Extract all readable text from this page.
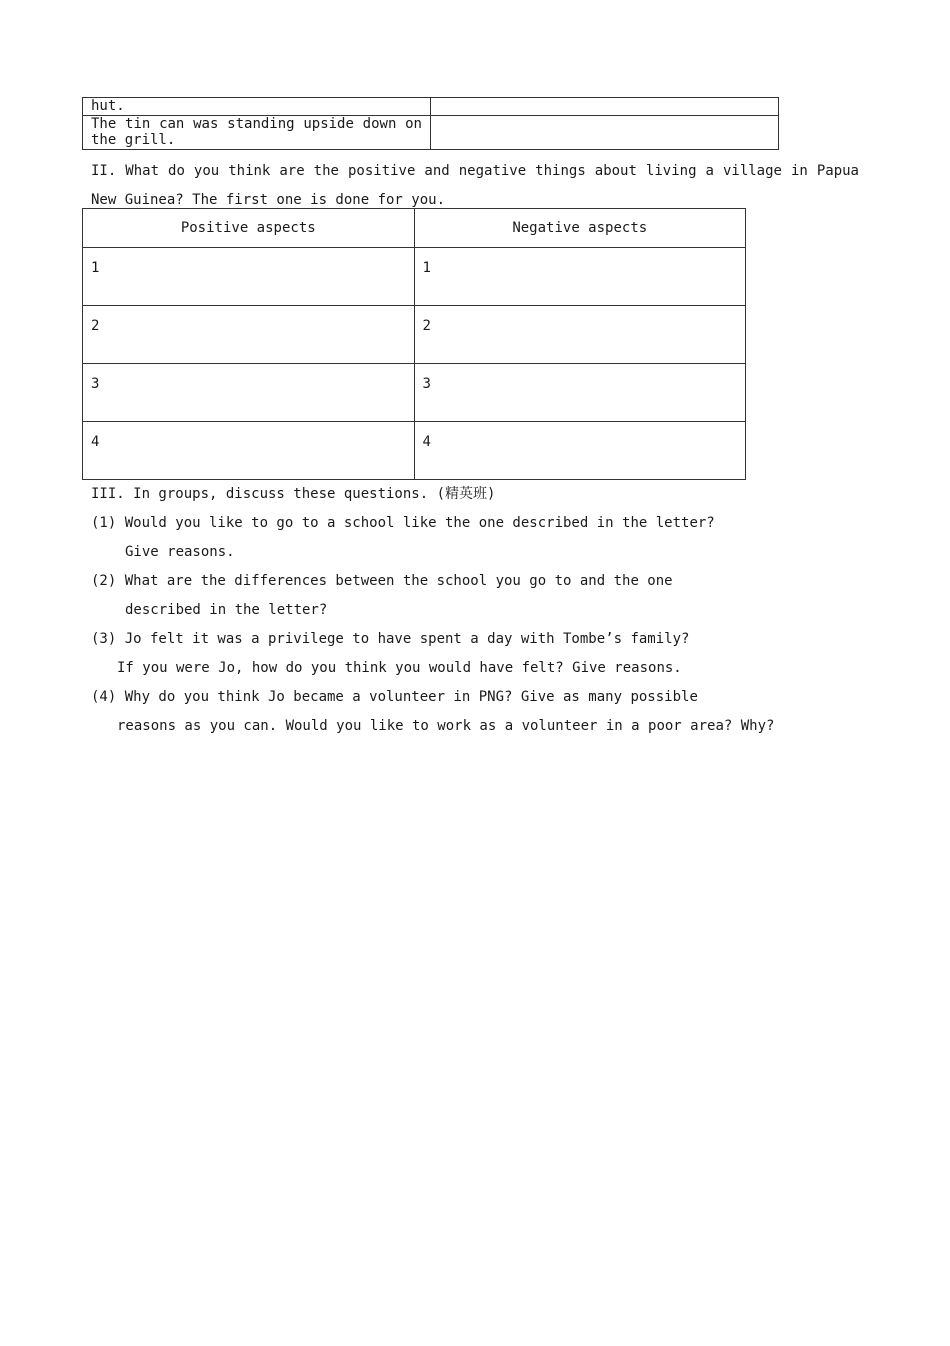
hut.	
The tin can was standing upside down on the grill.	
II. What do you think are the positive and negative things about living a village in Papua
New Guinea? The first one is done for you.
Positive aspects	Negative aspects
1	1
2	2
3	3
4	4
III. In groups, discuss these questions. (精英班)
(1) Would you like to go to a school like the one described in the letter?
Give reasons.
(2) What are the differences between the school you go to and the one
described in the letter?
(3) Jo felt it was a privilege to have spent a day with Tombe’s family?
If you were Jo, how do you think you would have felt? Give reasons.
(4) Why do you think Jo became a volunteer in PNG? Give as many possible
reasons as you can. Would you like to work as a volunteer in a poor area? Why?
